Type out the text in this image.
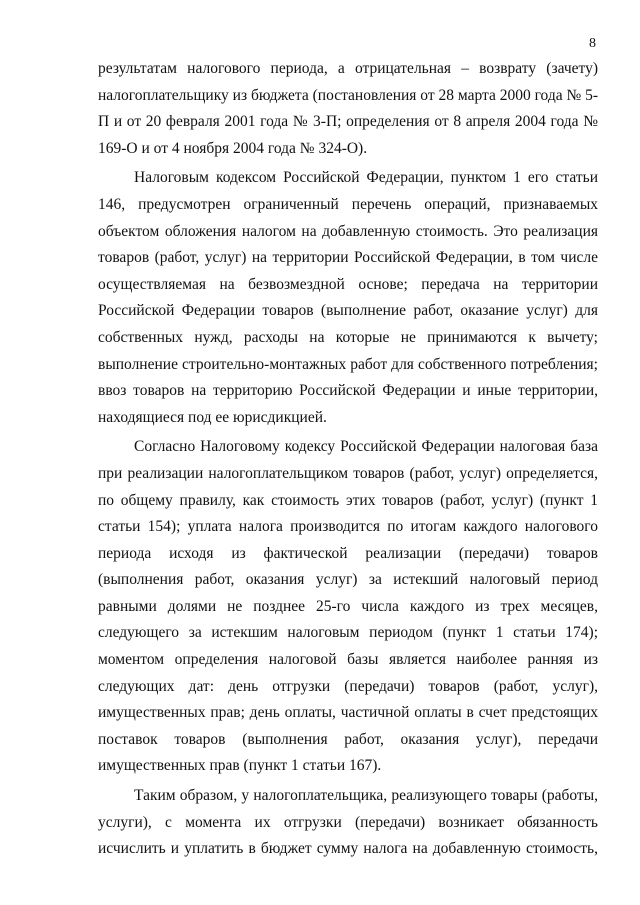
8
результатам налогового периода, а отрицательная – возврату (зачету)
налогоплательщику из бюджета (постановления от 28 марта 2000 года № 5-
П и от 20 февраля 2001 года № 3-П; определения от 8 апреля 2004 года №
169-О и от 4 ноября 2004 года № 324-О).
Налоговым кодексом Российской Федерации, пунктом 1 его статьи
146, предусмотрен ограниченный перечень операций, признаваемых
объектом обложения налогом на добавленную стоимость. Это реализация
товаров (работ, услуг) на территории Российской Федерации, в том числе
осуществляемая на безвозмездной основе; передача на территории
Российской Федерации товаров (выполнение работ, оказание услуг) для
собственных нужд, расходы на которые не принимаются к вычету;
выполнение строительно-монтажных работ для собственного потребления;
ввоз товаров на территорию Российской Федерации и иные территории,
находящиеся под ее юрисдикцией.
Согласно Налоговому кодексу Российской Федерации налоговая база
при реализации налогоплательщиком товаров (работ, услуг) определяется,
по общему правилу, как стоимость этих товаров (работ, услуг) (пункт 1
статьи 154); уплата налога производится по итогам каждого налогового
периода исходя из фактической реализации (передачи) товаров
(выполнения работ, оказания услуг) за истекший налоговый период
равными долями не позднее 25-го числа каждого из трех месяцев,
следующего за истекшим налоговым периодом (пункт 1 статьи 174);
моментом определения налоговой базы является наиболее ранняя из
следующих дат: день отгрузки (передачи) товаров (работ, услуг),
имущественных прав; день оплаты, частичной оплаты в счет предстоящих
поставок товаров (выполнения работ, оказания услуг), передачи
имущественных прав (пункт 1 статьи 167).
Таким образом, у налогоплательщика, реализующего товары (работы,
услуги), с момента их отгрузки (передачи) возникает обязанность
исчислить и уплатить в бюджет сумму налога на добавленную стоимость,
